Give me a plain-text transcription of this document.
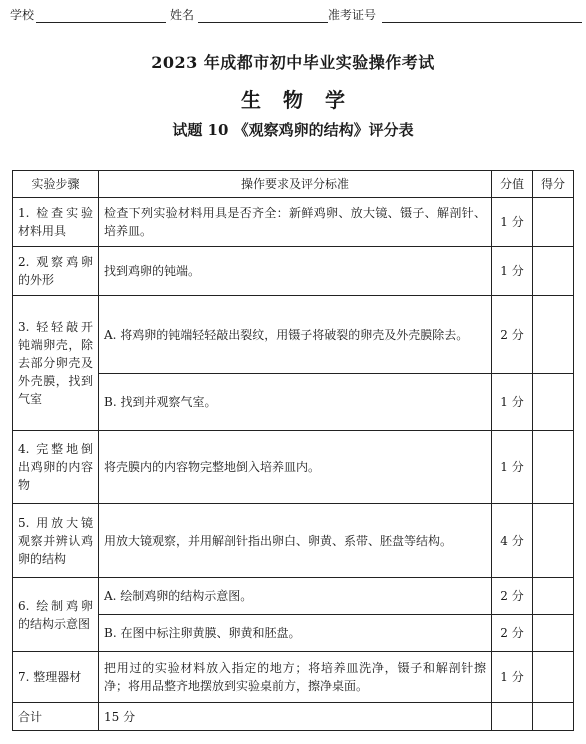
学校	姓名	准考证号
2023 年成都市初中毕业实验操作考试
生物学
试题 10 《观察鸡卵的结构》评分表
实验步骤	操作要求及评分标准	分值	得分
1. 检查实验材料用具	检查下列实验材料用具是否齐全：新鲜鸡卵、放大镜、镊子、解剖针、培养皿。	1 分	
2. 观察鸡卵的外形	找到鸡卵的钝端。	1 分	
3. 轻轻敲开钝端卵壳，除去部分卵壳及外壳膜，找到气室	A. 将鸡卵的钝端轻轻敲出裂纹，用镊子将破裂的卵壳及外壳膜除去。	2 分	
	B. 找到并观察气室。	1 分	
4. 完整地倒出鸡卵的内容物	将壳膜内的内容物完整地倒入培养皿内。	1 分	
5. 用放大镜观察并辨认鸡卵的结构	用放大镜观察，并用解剖针指出卵白、卵黄、系带、胚盘等结构。	4 分	
6. 绘制鸡卵的结构示意图	A. 绘制鸡卵的结构示意图。	2 分	
	B. 在图中标注卵黄膜、卵黄和胚盘。	2 分	
7. 整理器材	把用过的实验材料放入指定的地方；将培养皿洗净，镊子和解剖针擦净；将用品整齐地摆放到实验桌前方，擦净桌面。	1 分	
合计	15 分		
